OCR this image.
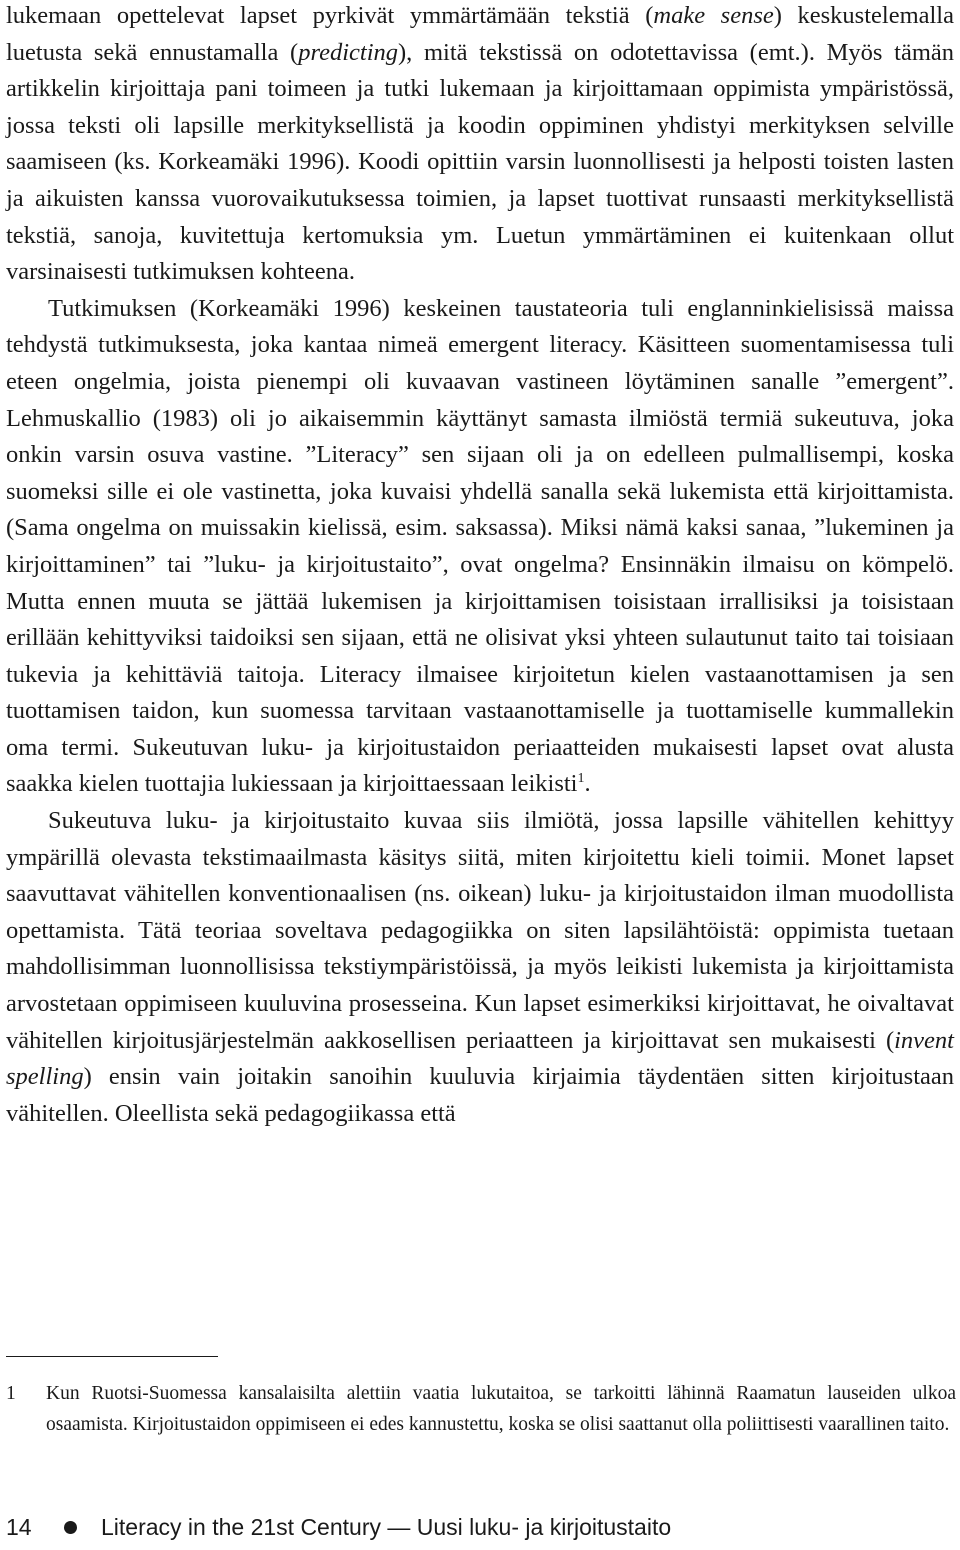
lukemaan opettelevat lapset pyrkivät ymmärtämään tekstiä (make sense) keskustelemalla luetusta sekä ennustamalla (predicting), mitä tekstissä on odotettavissa (emt.). Myös tämän artikkelin kirjoittaja pani toimeen ja tutki lukemaan ja kirjoittamaan oppimista ympäristössä, jossa teksti oli lapsille merkityksellistä ja koodin oppiminen yhdistyi merkityksen selville saamiseen (ks. Korkeamäki 1996). Koodi opittiin varsin luonnollisesti ja helposti toisten lasten ja aikuisten kanssa vuorovaikutuksessa toimien, ja lapset tuottivat runsaasti merkityksellistä tekstiä, sanoja, kuvitettuja kertomuksia ym. Luetun ymmärtäminen ei kuitenkaan ollut varsinaisesti tutkimuksen kohteena.

Tutkimuksen (Korkeamäki 1996) keskeinen taustateoria tuli englanninkielisissä maissa tehdystä tutkimuksesta, joka kantaa nimeä emergent literacy. Käsitteen suomentamisessa tuli eteen ongelmia, joista pienempi oli kuvaavan vastineen löytäminen sanalle ”emergent”. Lehmuskallio (1983) oli jo aikaisemmin käyttänyt samasta ilmiöstä termiä sukeutuva, joka onkin varsin osuva vastine. ”Literacy” sen sijaan oli ja on edelleen pulmallisempi, koska suomeksi sille ei ole vastinetta, joka kuvaisi yhdellä sanalla sekä lukemista että kirjoittamista. (Sama ongelma on muissakin kielissä, esim. saksassa). Miksi nämä kaksi sanaa, ”lukeminen ja kirjoittaminen” tai ”luku- ja kirjoitustaito”, ovat ongelma? Ensinnäkin ilmaisu on kömpelö. Mutta ennen muuta se jättää lukemisen ja kirjoittamisen toisistaan irrallisiksi ja toisistaan erillään kehittyviksi taidoiksi sen sijaan, että ne olisivat yksi yhteen sulautunut taito tai toisiaan tukevia ja kehittäviä taitoja. Literacy ilmaisee kirjoitetun kielen vastaanottamisen ja sen tuottamisen taidon, kun suomessa tarvitaan vastaanottamiselle ja tuottamiselle kummallekin oma termi. Sukeutuvan luku- ja kirjoitustaidon periaatteiden mukaisesti lapset ovat alusta saakka kielen tuottajia lukiessaan ja kirjoittaessaan leikisti$^1$.

Sukeutuva luku- ja kirjoitustaito kuvaa siis ilmiötä, jossa lapsille vähitellen kehittyy ympärillä olevasta tekstimaailmasta käsitys siitä, miten kirjoitettu kieli toimii. Monet lapset saavuttavat vähitellen konventionaalisen (ns. oikean) luku- ja kirjoitustaidon ilman muodollista opettamista. Tätä teoriaa soveltava pedagogiikka on siten lapsilähtöistä: oppimista tuetaan mahdollisimman luonnollisissa tekstiympäristöissä, ja myös leikisti lukemista ja kirjoittamista arvostetaan oppimiseen kuuluvina prosesseina. Kun lapset esimerkiksi kirjoittavat, he oivaltavat vähitellen kirjoitusjärjestelmän aakkosellisen periaatteen ja kirjoittavat sen mukaisesti (invent spelling) ensin vain joitakin sanoihin kuuluvia kirjaimia täydentäen sitten kirjoitustaan vähitellen. Oleellista sekä pedagogiikassa että

1	Kun Ruotsi-Suomessa kansalaisilta alettiin vaatia lukutaitoa, se tarkoitti lähinnä Raamatun lauseiden ulkoa osaamista. Kirjoitustaidon oppimiseen ei edes kannustettu, koska se olisi saattanut olla poliittisesti vaarallinen taito.
14	Literacy in the 21st Century — Uusi luku- ja kirjoitustaito
